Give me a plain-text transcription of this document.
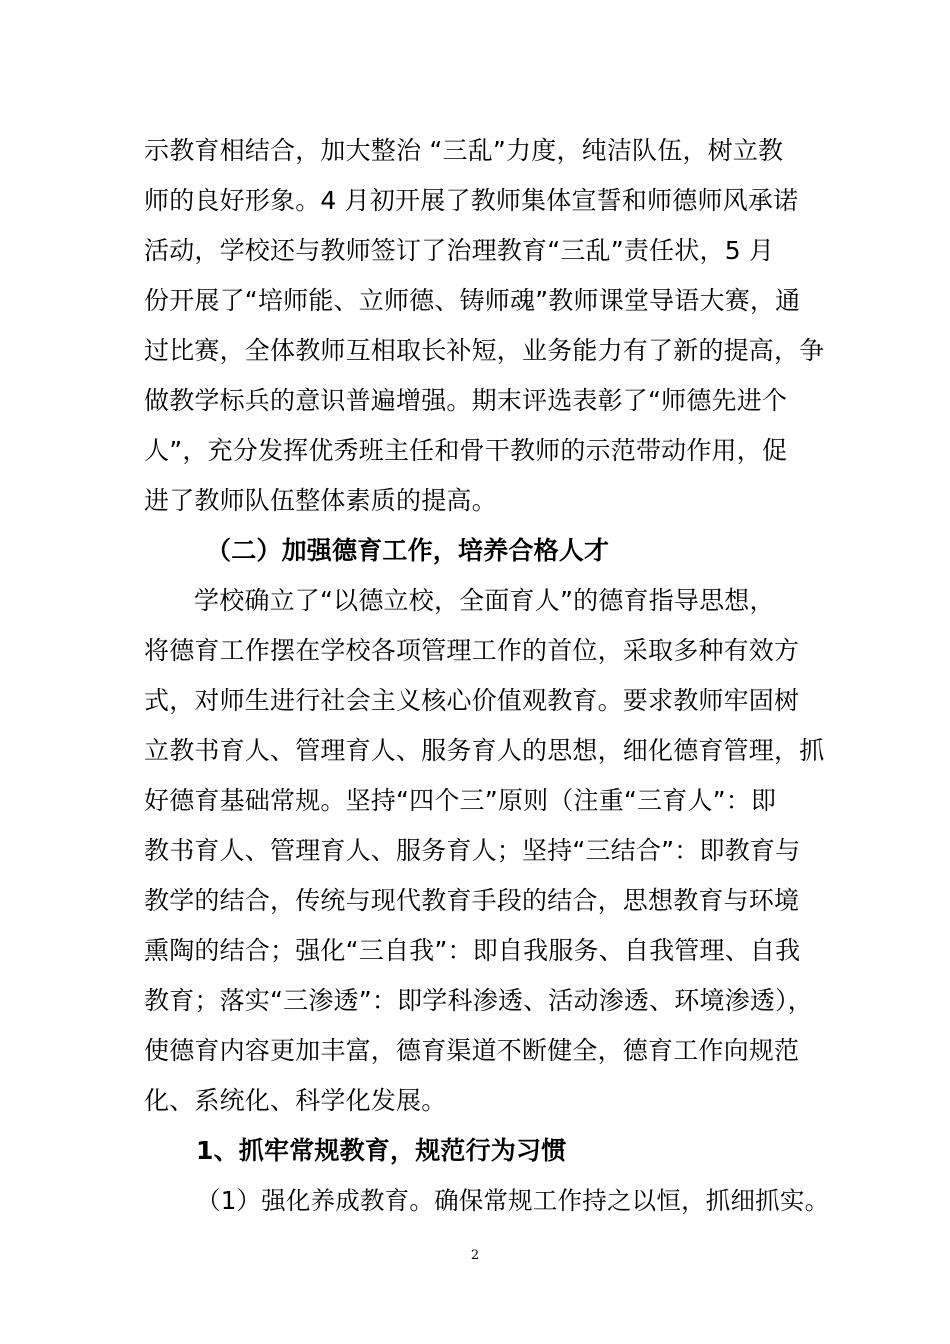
示教育相结合，加大整治 “三乱”力度，纯洁队伍，树立教
师的良好形象。4 月初开展了教师集体宣誓和师德师风承诺
活动，学校还与教师签订了治理教育“三乱”责任状，5 月
份开展了“培师能、立师德、铸师魂”教师课堂导语大赛，通
过比赛，全体教师互相取长补短，业务能力有了新的提高，争
做教学标兵的意识普遍增强。期末评选表彰了“师德先进个
人”，充分发挥优秀班主任和骨干教师的示范带动作用，促
进了教师队伍整体素质的提高。
（二）加强德育工作，培养合格人才
学校确立了“以德立校，全面育人”的德育指导思想，
将德育工作摆在学校各项管理工作的首位，采取多种有效方
式，对师生进行社会主义核心价值观教育。要求教师牢固树
立教书育人、管理育人、服务育人的思想，细化德育管理，抓
好德育基础常规。坚持“四个三”原则（注重“三育人”：即
教书育人、管理育人、服务育人；坚持“三结合”：即教育与
教学的结合，传统与现代教育手段的结合，思想教育与环境
熏陶的结合；强化“三自我”：即自我服务、自我管理、自我
教育；落实“三渗透”：即学科渗透、活动渗透、环境渗透），
使德育内容更加丰富，德育渠道不断健全，德育工作向规范
化、系统化、科学化发展。
1、抓牢常规教育，规范行为习惯
（1）强化养成教育。确保常规工作持之以恒，抓细抓实。
2
